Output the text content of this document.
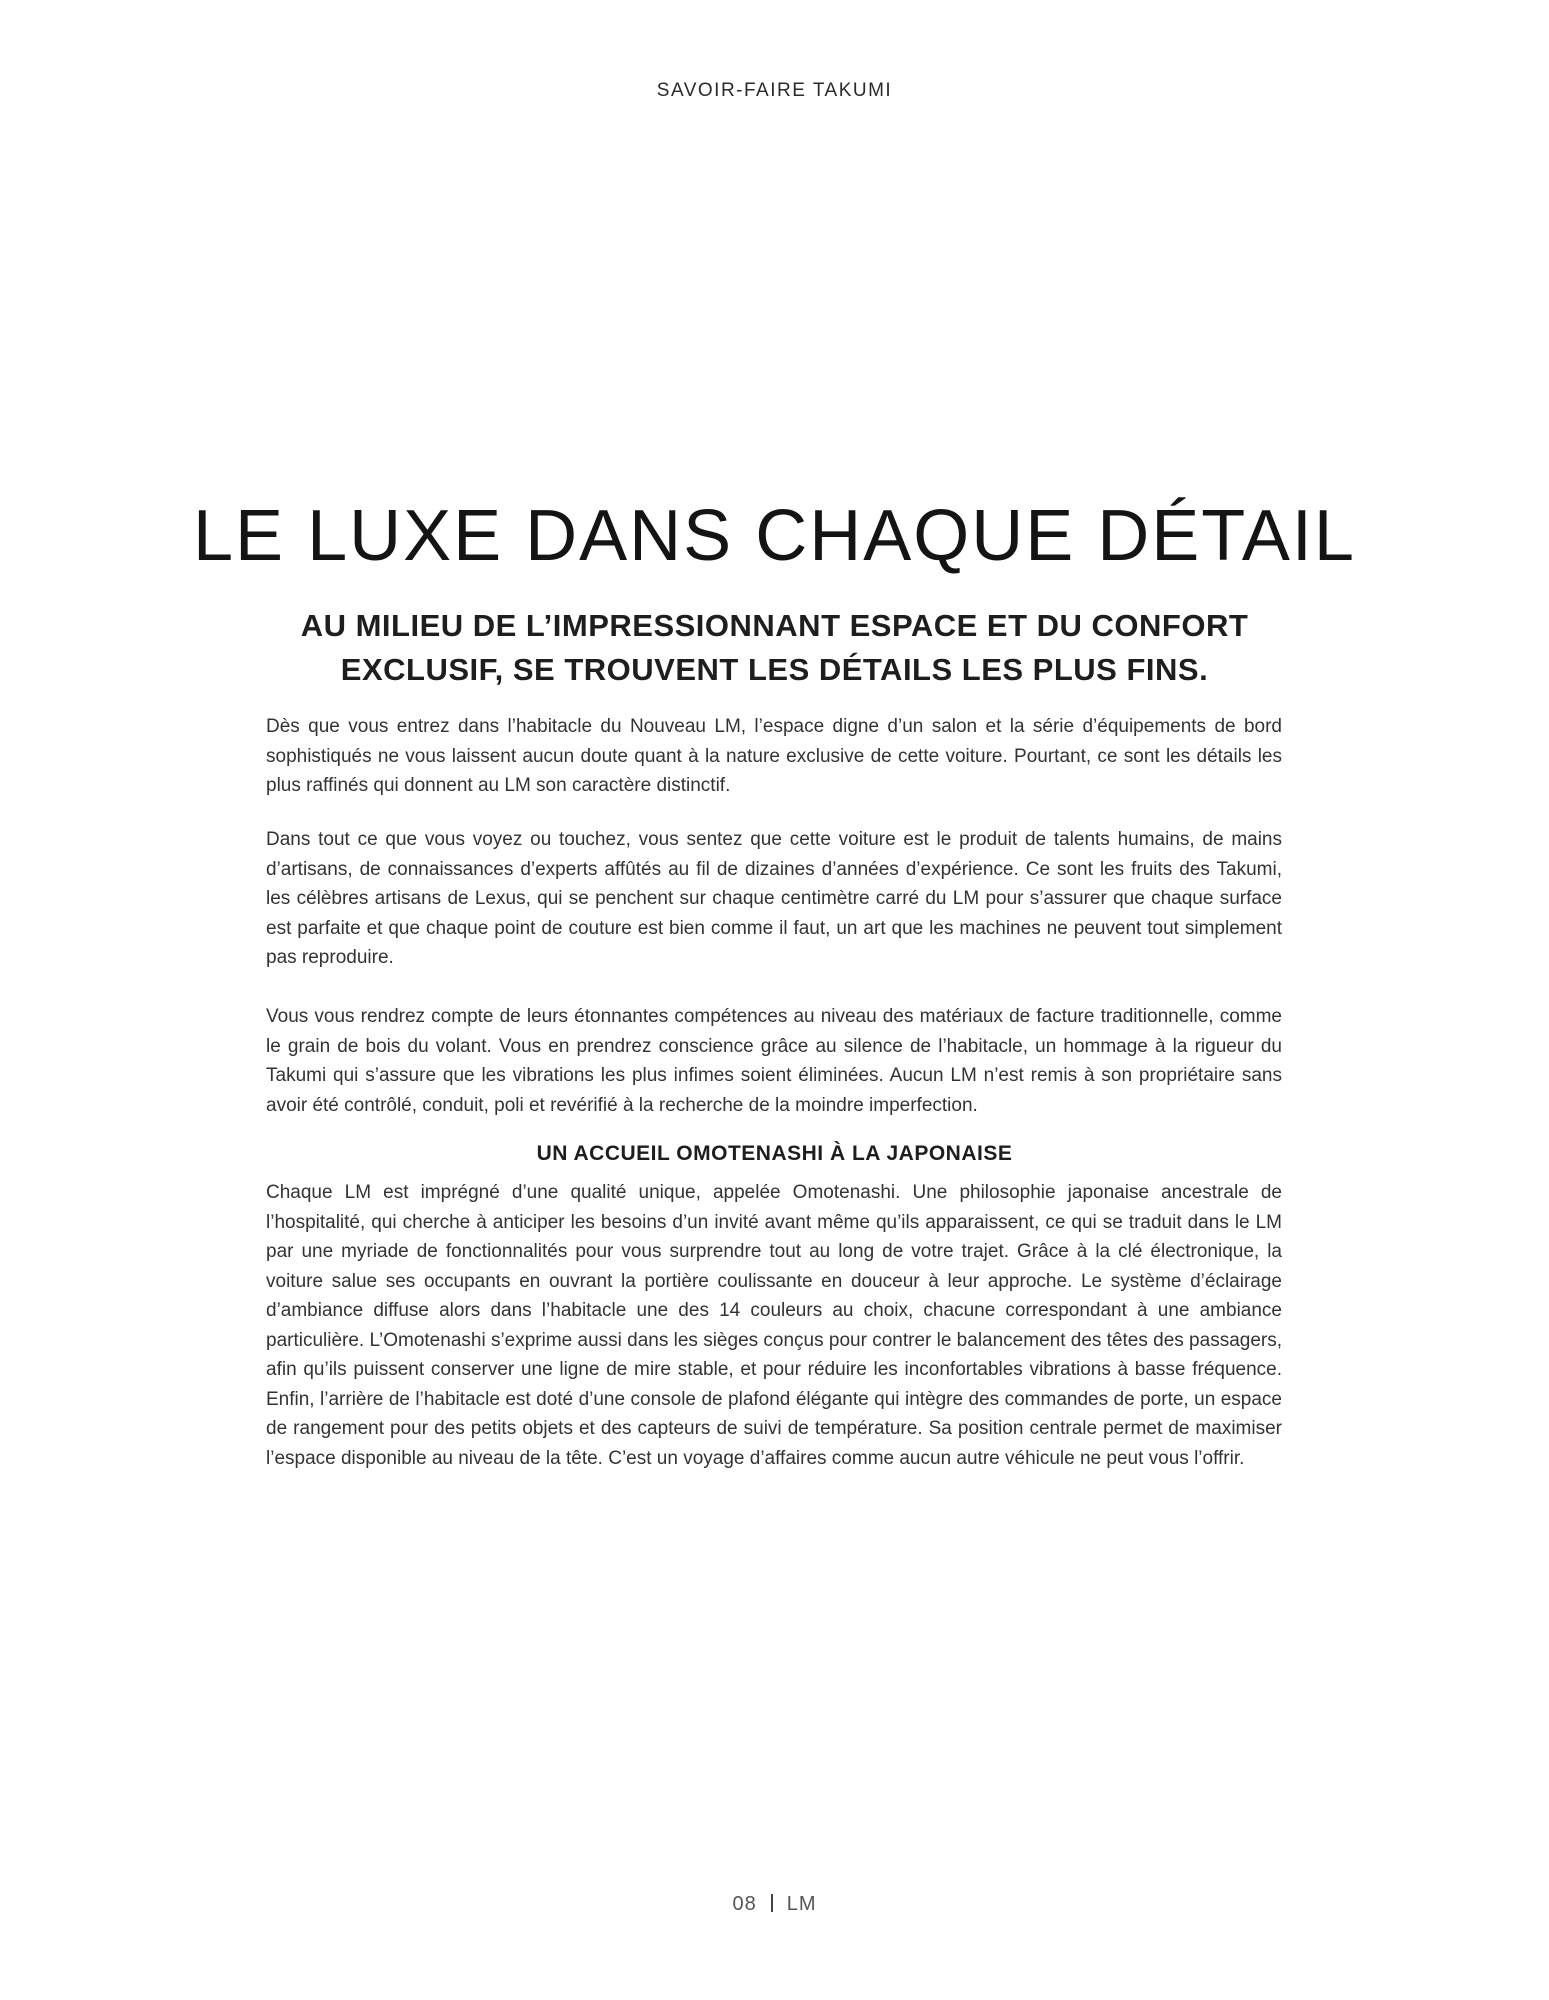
SAVOIR-FAIRE TAKUMI
LE LUXE DANS CHAQUE DÉTAIL
AU MILIEU DE L’IMPRESSIONNANT ESPACE ET DU CONFORT
EXCLUSIF, SE TROUVENT LES DÉTAILS LES PLUS FINS.

Dès que vous entrez dans l’habitacle du Nouveau LM, l’espace digne d’un salon et la série d’équipements de bord sophistiqués ne vous laissent aucun doute quant à la nature exclusive de cette voiture. Pourtant, ce sont les détails les plus raffinés qui donnent au LM son caractère distinctif.

Dans tout ce que vous voyez ou touchez, vous sentez que cette voiture est le produit de talents humains, de mains d’artisans, de connaissances d’experts affûtés au fil de dizaines d’années d’expérience. Ce sont les fruits des Takumi, les célèbres artisans de Lexus, qui se penchent sur chaque centimètre carré du LM pour s’assurer que chaque surface est parfaite et que chaque point de couture est bien comme il faut, un art que les machines ne peuvent tout simplement pas reproduire.

Vous vous rendrez compte de leurs étonnantes compétences au niveau des matériaux de facture traditionnelle, comme le grain de bois du volant. Vous en prendrez conscience grâce au silence de l’habitacle, un hommage à la rigueur du Takumi qui s’assure que les vibrations les plus infimes soient éliminées. Aucun LM n’est remis à son propriétaire sans avoir été contrôlé, conduit, poli et revérifié à la recherche de la moindre imperfection.

UN ACCUEIL OMOTENASHI À LA JAPONAISE

Chaque LM est imprégné d’une qualité unique, appelée Omotenashi. Une philosophie japonaise ancestrale de l’hospitalité, qui cherche à anticiper les besoins d’un invité avant même qu’ils apparaissent, ce qui se traduit dans le LM par une myriade de fonctionnalités pour vous surprendre tout au long de votre trajet. Grâce à la clé électronique, la voiture salue ses occupants en ouvrant la portière coulissante en douceur à leur approche. Le système d’éclairage d’ambiance diffuse alors dans l’habitacle une des 14 couleurs au choix, chacune correspondant à une ambiance particulière. L’Omotenashi s’exprime aussi dans les sièges conçus pour contrer le balancement des têtes des passagers, afin qu’ils puissent conserver une ligne de mire stable, et pour réduire les inconfortables vibrations à basse fréquence. Enfin, l’arrière de l’habitacle est doté d’une console de plafond élégante qui intègre des commandes de porte, un espace de rangement pour des petits objets et des capteurs de suivi de température. Sa position centrale permet de maximiser l’espace disponible au niveau de la tête. C’est un voyage d’affaires comme aucun autre véhicule ne peut vous l’offrir.

08 LM
